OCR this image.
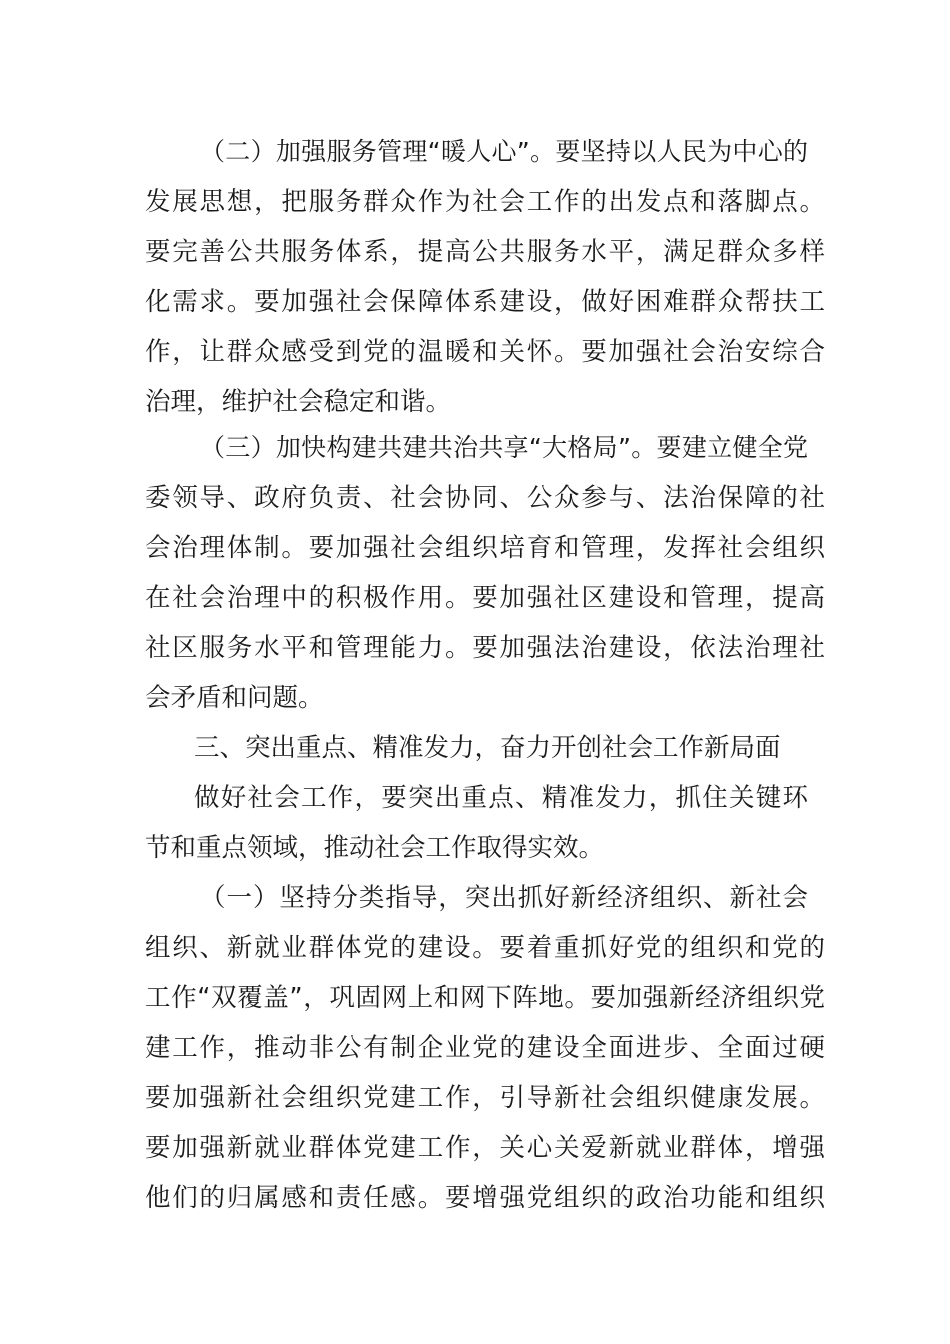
（二）加强服务管理“暖人心”。要坚持以人民为中心的

发展思想，把服务群众作为社会工作的出发点和落脚点。

要完善公共服务体系，提高公共服务水平，满足群众多样

化需求。要加强社会保障体系建设，做好困难群众帮扶工

作，让群众感受到党的温暖和关怀。要加强社会治安综合

治理，维护社会稳定和谐。

（三）加快构建共建共治共享“大格局”。要建立健全党

委领导、政府负责、社会协同、公众参与、法治保障的社

会治理体制。要加强社会组织培育和管理，发挥社会组织

在社会治理中的积极作用。要加强社区建设和管理，提高

社区服务水平和管理能力。要加强法治建设，依法治理社

会矛盾和问题。

三、突出重点、精准发力，奋力开创社会工作新局面

做好社会工作，要突出重点、精准发力，抓住关键环

节和重点领域，推动社会工作取得实效。

（一）坚持分类指导，突出抓好新经济组织、新社会

组织、新就业群体党的建设。要着重抓好党的组织和党的

工作“双覆盖”，巩固网上和网下阵地。要加强新经济组织党

建工作，推动非公有制企业党的建设全面进步、全面过硬

要加强新社会组织党建工作，引导新社会组织健康发展。

要加强新就业群体党建工作，关心关爱新就业群体，增强

他们的归属感和责任感。要增强党组织的政治功能和组织
